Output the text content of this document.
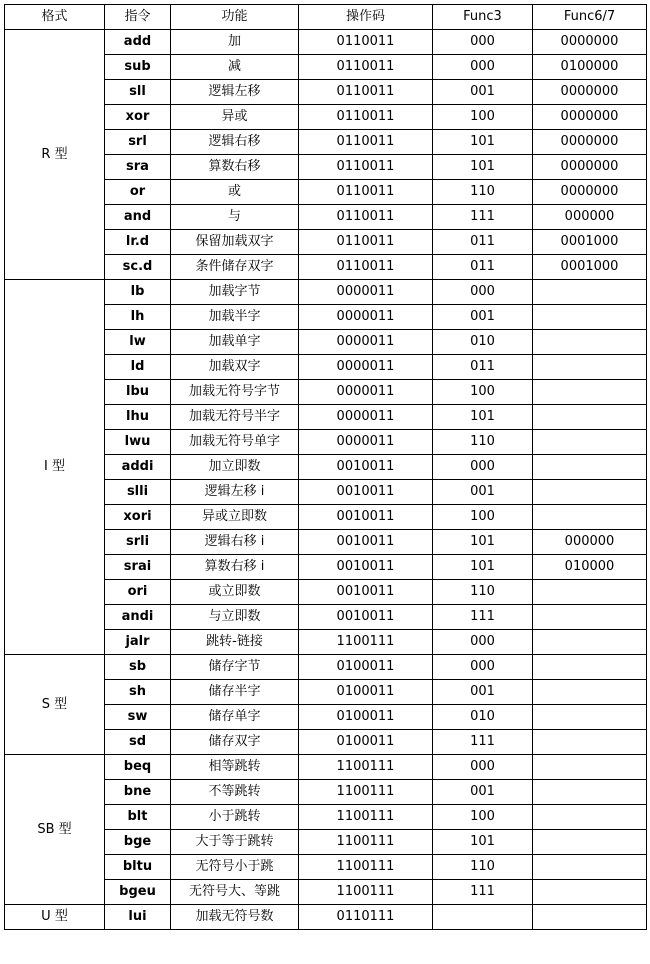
格式	指令	功能	操作码	Func3	Func6/7
R 型	add	加	0110011	000	0000000
	sub	减	0110011	000	0100000
	sll	逻辑左移	0110011	001	0000000
	xor	异或	0110011	100	0000000
	srl	逻辑右移	0110011	101	0000000
	sra	算数右移	0110011	101	0000000
	or	或	0110011	110	0000000
	and	与	0110011	111	000000
	lr.d	保留加载双字	0110011	011	0001000
	sc.d	条件储存双字	0110011	011	0001000
I 型	lb	加载字节	0000011	000	
	lh	加载半字	0000011	001	
	lw	加载单字	0000011	010	
	ld	加载双字	0000011	011	
	lbu	加载无符号字节	0000011	100	
	lhu	加载无符号半字	0000011	101	
	lwu	加载无符号单字	0000011	110	
	addi	加立即数	0010011	000	
	slli	逻辑左移 i	0010011	001	
	xori	异或立即数	0010011	100	
	srli	逻辑右移 i	0010011	101	000000
	srai	算数右移 i	0010011	101	010000
	ori	或立即数	0010011	110	
	andi	与立即数	0010011	111	
	jalr	跳转-链接	1100111	000	
S 型	sb	储存字节	0100011	000	
	sh	储存半字	0100011	001	
	sw	储存单字	0100011	010	
	sd	储存双字	0100011	111	
SB 型	beq	相等跳转	1100111	000	
	bne	不等跳转	1100111	001	
	blt	小于跳转	1100111	100	
	bge	大于等于跳转	1100111	101	
	bltu	无符号小于跳	1100111	110	
	bgeu	无符号大、等跳	1100111	111	
U 型	lui	加载无符号数	0110111		
